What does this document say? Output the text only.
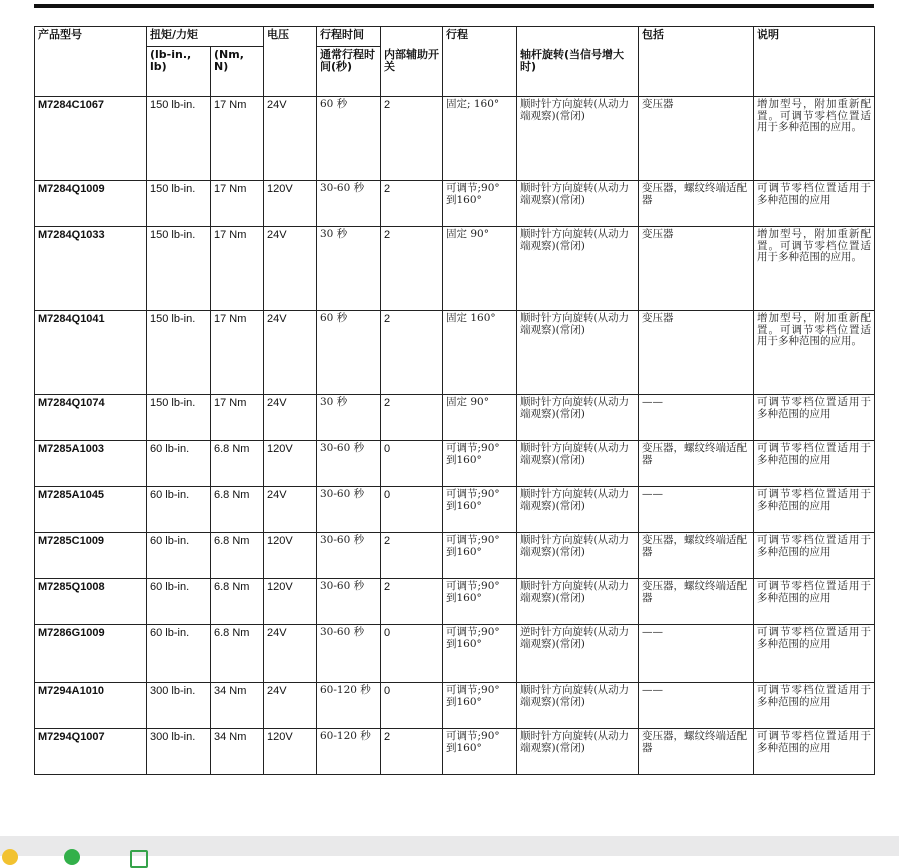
产品型号	扭矩/力矩		电压	行程时间	内部辅助开关	行程	轴杆旋转(当信号增大时)	包括	说明
	(lb-in., lb)	(Nm, N)		通常行程时间(秒)					
M7284C1067	150 lb-in.	17 Nm	24V	60 秒	2	固定; 160°	顺时针方向旋转(从动力端观察)(常闭)	变压器	增加型号，附加重新配置。可调节零档位置适用于多种范围的应用。
M7284Q1009	150 lb-in.	17 Nm	120V	30-60 秒	2	可调节;90° 到160°	顺时针方向旋转(从动力端观察)(常闭)	变压器，螺纹终端适配器	可调节零档位置适用于多种范围的应用
M7284Q1033	150 lb-in.	17 Nm	24V	30 秒	2	固定 90°	顺时针方向旋转(从动力端观察)(常闭)	变压器	增加型号，附加重新配置。可调节零档位置适用于多种范围的应用。
M7284Q1041	150 lb-in.	17 Nm	24V	60 秒	2	固定 160°	顺时针方向旋转(从动力端观察)(常闭)	变压器	增加型号，附加重新配置。可调节零档位置适用于多种范围的应用。
M7284Q1074	150 lb-in.	17 Nm	24V	30 秒	2	固定 90°	顺时针方向旋转(从动力端观察)(常闭)	——	可调节零档位置适用于多种范围的应用
M7285A1003	60 lb-in.	6.8 Nm	120V	30-60 秒	0	可调节;90° 到160°	顺时针方向旋转(从动力端观察)(常闭)	变压器，螺纹终端适配器	可调节零档位置适用于多种范围的应用
M7285A1045	60 lb-in.	6.8 Nm	24V	30-60 秒	0	可调节;90° 到160°	顺时针方向旋转(从动力端观察)(常闭)	——	可调节零档位置适用于多种范围的应用
M7285C1009	60 lb-in.	6.8 Nm	120V	30-60 秒	2	可调节;90° 到160°	顺时针方向旋转(从动力端观察)(常闭)	变压器，螺纹终端适配器	可调节零档位置适用于多种范围的应用
M7285Q1008	60 lb-in.	6.8 Nm	120V	30-60 秒	2	可调节;90° 到160°	顺时针方向旋转(从动力端观察)(常闭)	变压器，螺纹终端适配器	可调节零档位置适用于多种范围的应用
M7286G1009	60 lb-in.	6.8 Nm	24V	30-60 秒	0	可调节;90° 到160°	逆时针方向旋转(从动力端观察)(常闭)	——	可调节零档位置适用于多种范围的应用
M7294A1010	300 lb-in.	34 Nm	24V	60-120 秒	0	可调节;90° 到160°	顺时针方向旋转(从动力端观察)(常闭)	——	可调节零档位置适用于多种范围的应用
M7294Q1007	300 lb-in.	34 Nm	120V	60-120 秒	2	可调节;90° 到160°	顺时针方向旋转(从动力端观察)(常闭)	变压器，螺纹终端适配器	可调节零档位置适用于多种范围的应用
